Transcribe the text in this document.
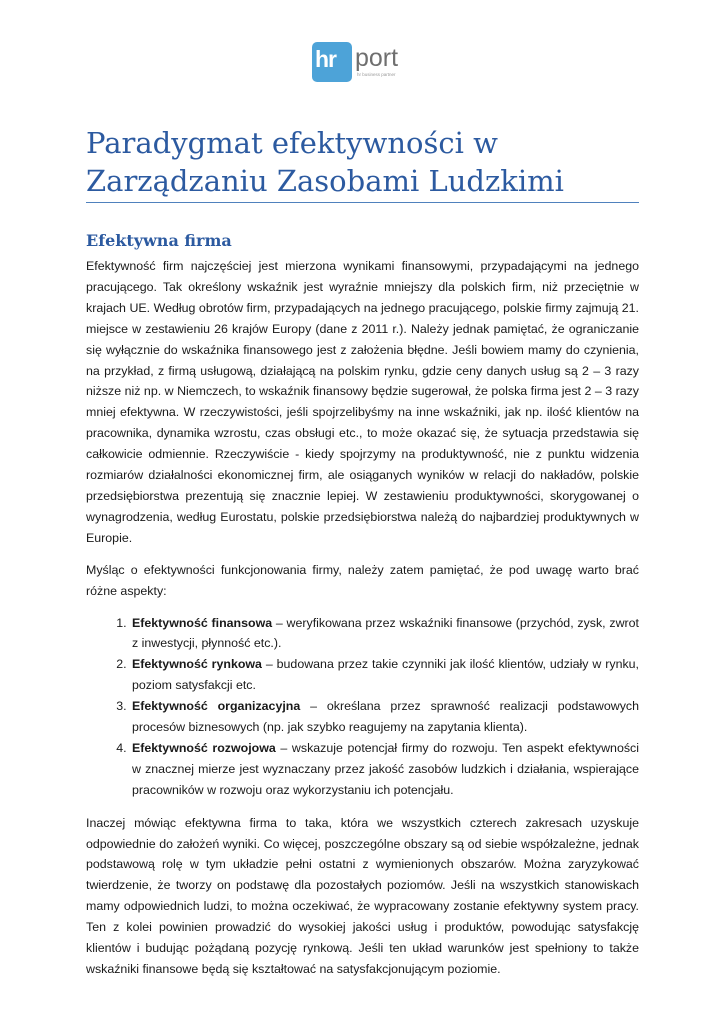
hr port
hr business partner
Paradygmat efektywności w Zarządzaniu Zasobami Ludzkimi
Efektywna firma

Efektywność firm najczęściej jest mierzona wynikami finansowymi, przypadającymi na jednego pracującego. Tak określony wskaźnik jest wyraźnie mniejszy dla polskich firm, niż przeciętnie w krajach UE. Według obrotów firm, przypadających na jednego pracującego, polskie firmy zajmują 21. miejsce w zestawieniu 26 krajów Europy (dane z 2011 r.). Należy jednak pamiętać, że ograniczanie się wyłącznie do wskaźnika finansowego jest z założenia błędne. Jeśli bowiem mamy do czynienia, na przykład, z firmą usługową, działającą na polskim rynku, gdzie ceny danych usług są 2 – 3 razy niższe niż np. w Niemczech, to wskaźnik finansowy będzie sugerował, że polska firma jest 2 – 3 razy mniej efektywna. W rzeczywistości, jeśli spojrzelibyśmy na inne wskaźniki, jak np. ilość klientów na pracownika, dynamika wzrostu, czas obsługi etc., to może okazać się, że sytuacja przedstawia się całkowicie odmiennie. Rzeczywiście - kiedy spojrzymy na produktywność, nie z punktu widzenia rozmiarów działalności ekonomicznej firm, ale osiąganych wyników w relacji do nakładów, polskie przedsiębiorstwa prezentują się znacznie lepiej. W zestawieniu produktywności, skorygowanej o wynagrodzenia, według Eurostatu, polskie przedsiębiorstwa należą do najbardziej produktywnych w Europie.

Myśląc o efektywności funkcjonowania firmy, należy zatem pamiętać, że pod uwagę warto brać różne aspekty:

1. Efektywność finansowa – weryfikowana przez wskaźniki finansowe (przychód, zysk, zwrot z inwestycji, płynność etc.).
2. Efektywność rynkowa – budowana przez takie czynniki jak ilość klientów, udziały w rynku, poziom satysfakcji etc.
3. Efektywność organizacyjna – określana przez sprawność realizacji podstawowych procesów biznesowych (np. jak szybko reagujemy na zapytania klienta).
4. Efektywność rozwojowa – wskazuje potencjał firmy do rozwoju. Ten aspekt efektywności w znacznej mierze jest wyznaczany przez jakość zasobów ludzkich i działania, wspierające pracowników w rozwoju oraz wykorzystaniu ich potencjału.

Inaczej mówiąc efektywna firma to taka, która we wszystkich czterech zakresach uzyskuje odpowiednie do założeń wyniki. Co więcej, poszczególne obszary są od siebie współzależne, jednak podstawową rolę w tym układzie pełni ostatni z wymienionych obszarów. Można zaryzykować twierdzenie, że tworzy on podstawę dla pozostałych poziomów. Jeśli na wszystkich stanowiskach mamy odpowiednich ludzi, to można oczekiwać, że wypracowany zostanie efektywny system pracy. Ten z kolei powinien prowadzić do wysokiej jakości usług i produktów, powodując satysfakcję klientów i budując pożądaną pozycję rynkową. Jeśli ten układ warunków jest spełniony to także wskaźniki finansowe będą się kształtować na satysfakcjonującym poziomie.
